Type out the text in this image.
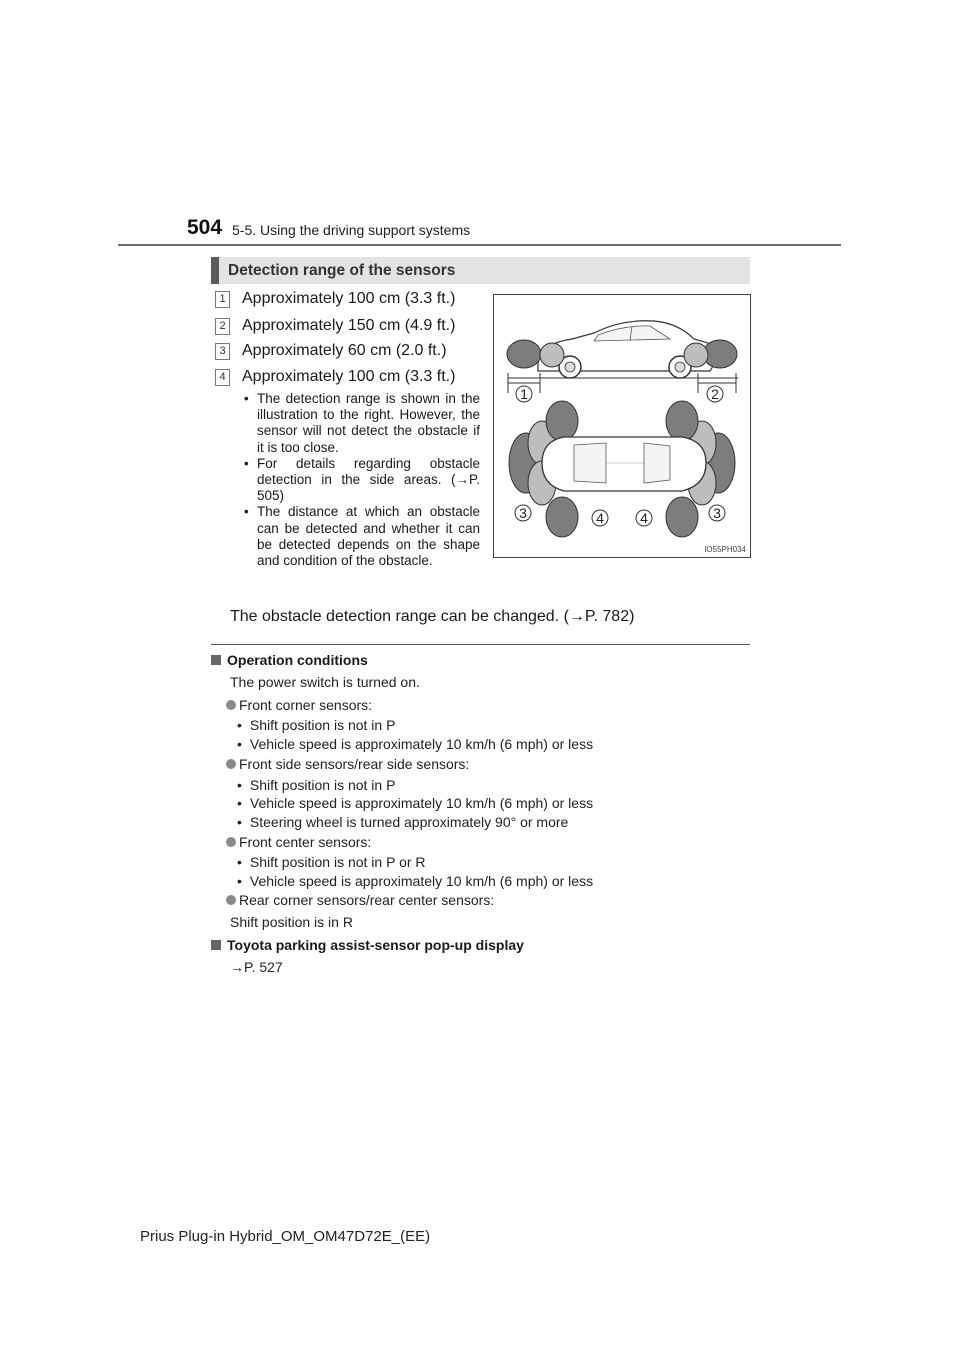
504 5-5. Using the driving support systems
Detection range of the sensors
1 Approximately 100 cm (3.3 ft.)
2 Approximately 150 cm (4.9 ft.)
3 Approximately 60 cm (2.0 ft.)
4 Approximately 100 cm (3.3 ft.)
• The detection range is shown in the illustration to the right. However, the sensor will not detect the obstacle if it is too close.
• For details regarding obstacle detection in the side areas. (→P. 505)
• The distance at which an obstacle can be detected and whether it can be detected depends on the shape and condition of the obstacle.
The obstacle detection range can be changed. (→P. 782)
1	2
3	4	4	3
IO55PH034
Operation conditions
The power switch is turned on.
Front corner sensors:
• Shift position is not in P
• Vehicle speed is approximately 10 km/h (6 mph) or less
Front side sensors/rear side sensors:
• Shift position is not in P
• Vehicle speed is approximately 10 km/h (6 mph) or less
• Steering wheel is turned approximately 90° or more
Front center sensors:
• Shift position is not in P or R
• Vehicle speed is approximately 10 km/h (6 mph) or less
Rear corner sensors/rear center sensors:
Shift position is in R
Toyota parking assist-sensor pop-up display
→P. 527
Prius Plug-in Hybrid_OM_OM47D72E_(EE)
